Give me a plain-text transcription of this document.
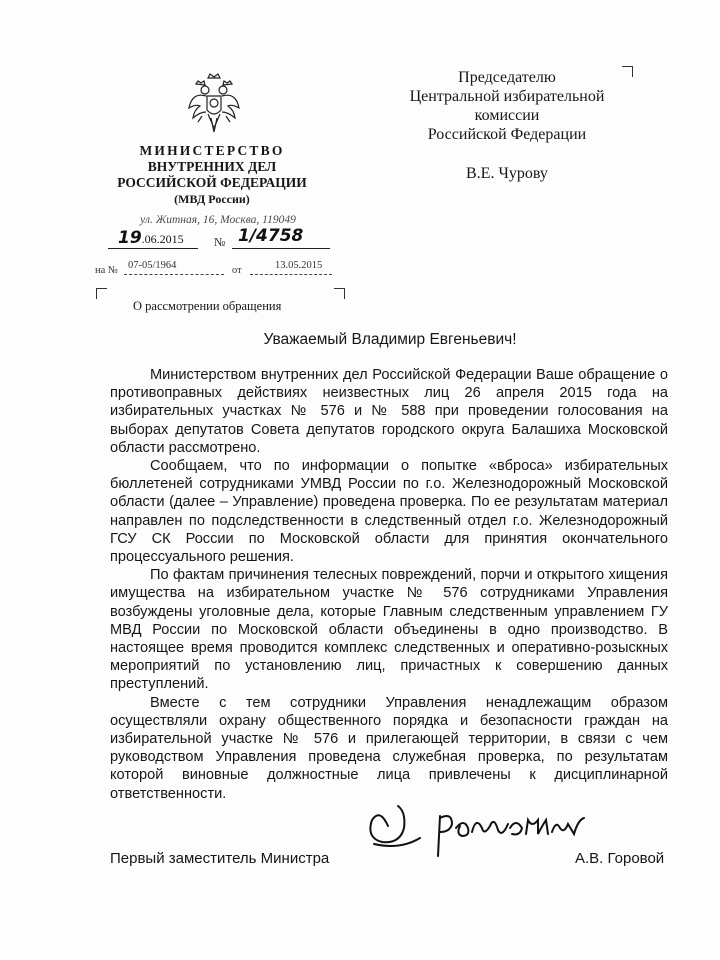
МИНИСТЕРСТВО
ВНУТРЕННИХ ДЕЛ
РОССИЙСКОЙ ФЕДЕРАЦИИ
(МВД России)
ул. Житная, 16, Москва, 119049
19.06.2015	№ 1/4758
на № 07-05/1964	от	13.05.2015
О рассмотрении обращения
Председателю
Центральной избирательной
комиссии
Российской Федерации
В.Е. Чурову
Уважаемый Владимир Евгеньевич!

Министерством внутренних дел Российской Федерации Ваше обращение о противоправных действиях неизвестных лиц 26 апреля 2015 года на избирательных участках № 576 и № 588 при проведении голосования на выборах депутатов Совета депутатов городского округа Балашиха Московской области рассмотрено.

Сообщаем, что по информации о попытке «вброса» избирательных бюллетеней сотрудниками УМВД России по г.о. Железнодорожный Московской области (далее – Управление) проведена проверка. По ее результатам материал направлен по подследственности в следственный отдел г.о. Железнодорожный ГСУ СК России по Московской области для принятия окончательного процессуального решения.

По фактам причинения телесных повреждений, порчи и открытого хищения имущества на избирательном участке № 576 сотрудниками Управления возбуждены уголовные дела, которые Главным следственным управлением ГУ МВД России по Московской области объединены в одно производство. В настоящее время проводится комплекс следственных и оперативно-розыскных мероприятий по установлению лиц, причастных к совершению данных преступлений.

Вместе с тем сотрудники Управления ненадлежащим образом осуществляли охрану общественного порядка и безопасности граждан на избирательной участке № 576 и прилегающей территории, в связи с чем руководством Управления проведена служебная проверка, по результатам которой виновные должностные лица привлечены к дисциплинарной ответственности.

Первый заместитель Министра	А.В. Горовой
